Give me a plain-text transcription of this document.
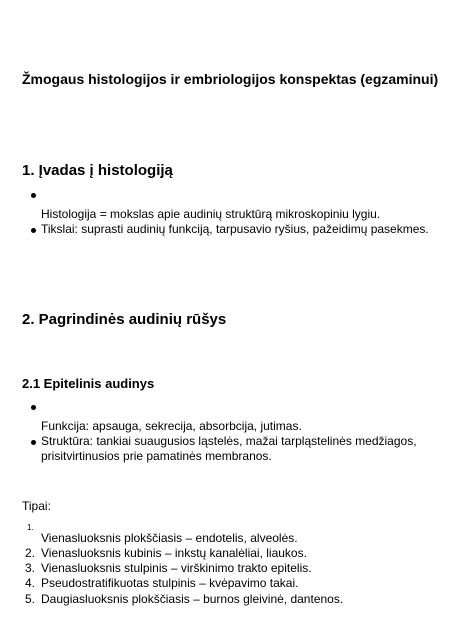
Žmogaus histologijos ir embriologijos konspektas (egzaminui)
1. Įvadas į histologiją
Histologija = mokslas apie audinių struktūrą mikroskopiniu lygiu.
Tikslai: suprasti audinių funkciją, tarpusavio ryšius, pažeidimų pasekmes.
2. Pagrindinės audinių rūšys
2.1 Epitelinis audinys
Funkcija: apsauga, sekrecija, absorbcija, jutimas.
Struktūra: tankiai suaugusios ląstelės, mažai tarpląstelinės medžiagos,
prisitvirtinusios prie pamatinės membranos.
Tipai:
1.
Vienasluoksnis plokščiasis – endotelis, alveolės.
2. Vienasluoksnis kubinis – inkstų kanalėliai, liaukos.
3. Vienasluoksnis stulpinis – virškinimo trakto epitelis.
4. Pseudostratifikuotas stulpinis – kvėpavimo takai.
5. Daugiasluoksnis plokščiasis – burnos gleivinė, dantenos.
